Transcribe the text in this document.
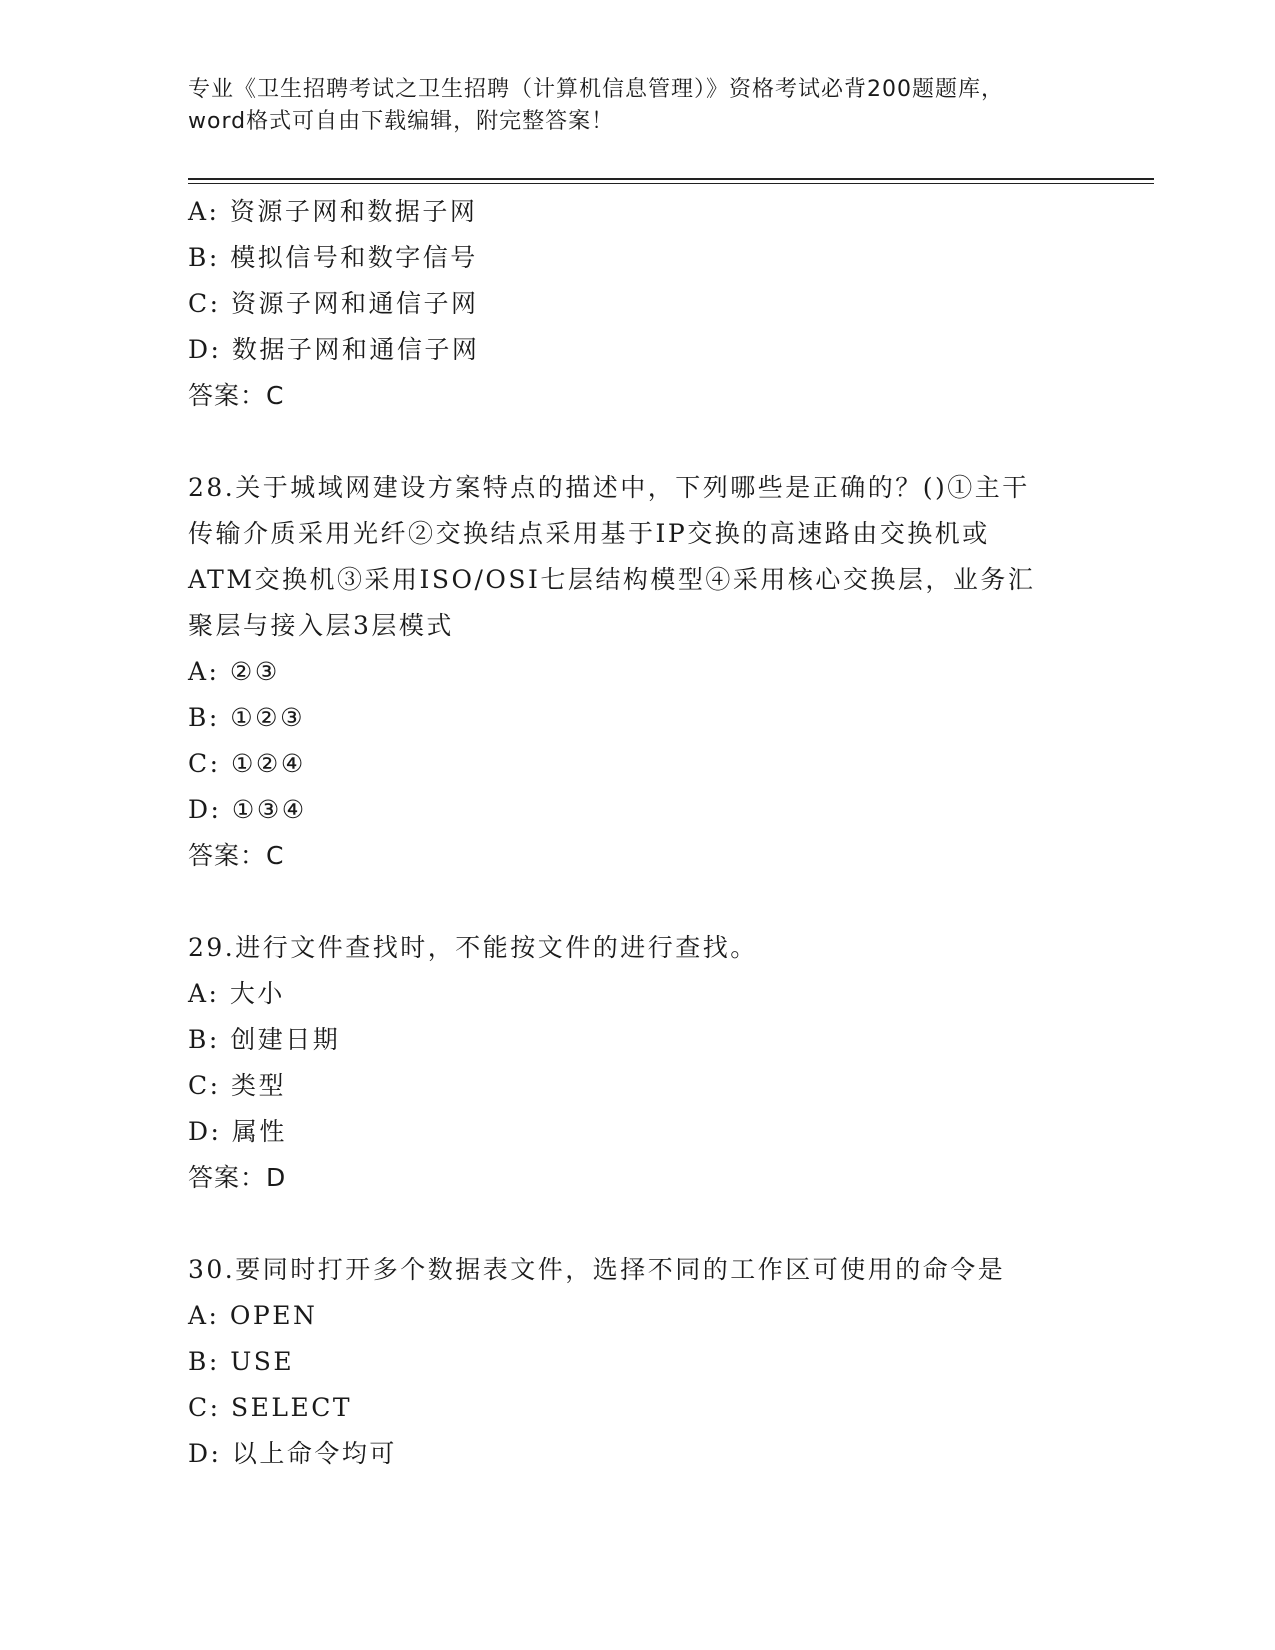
专业《卫生招聘考试之卫生招聘（计算机信息管理）》资格考试必背200题题库，
word格式可自由下载编辑，附完整答案！
A: 资源子网和数据子网
B: 模拟信号和数字信号
C: 资源子网和通信子网
D: 数据子网和通信子网
答案：C
28.关于城域网建设方案特点的描述中，下列哪些是正确的？()①主干
传输介质采用光纤②交换结点采用基于IP交换的高速路由交换机或
ATM交换机③采用ISO/OSI七层结构模型④采用核心交换层，业务汇
聚层与接入层3层模式
A: ②③
B: ①②③
C: ①②④
D: ①③④
答案：C
29.进行文件查找时，不能按文件的进行查找。
A: 大小
B: 创建日期
C: 类型
D: 属性
答案：D
30.要同时打开多个数据表文件，选择不同的工作区可使用的命令是
A: OPEN
B: USE
C: SELECT
D: 以上命令均可
